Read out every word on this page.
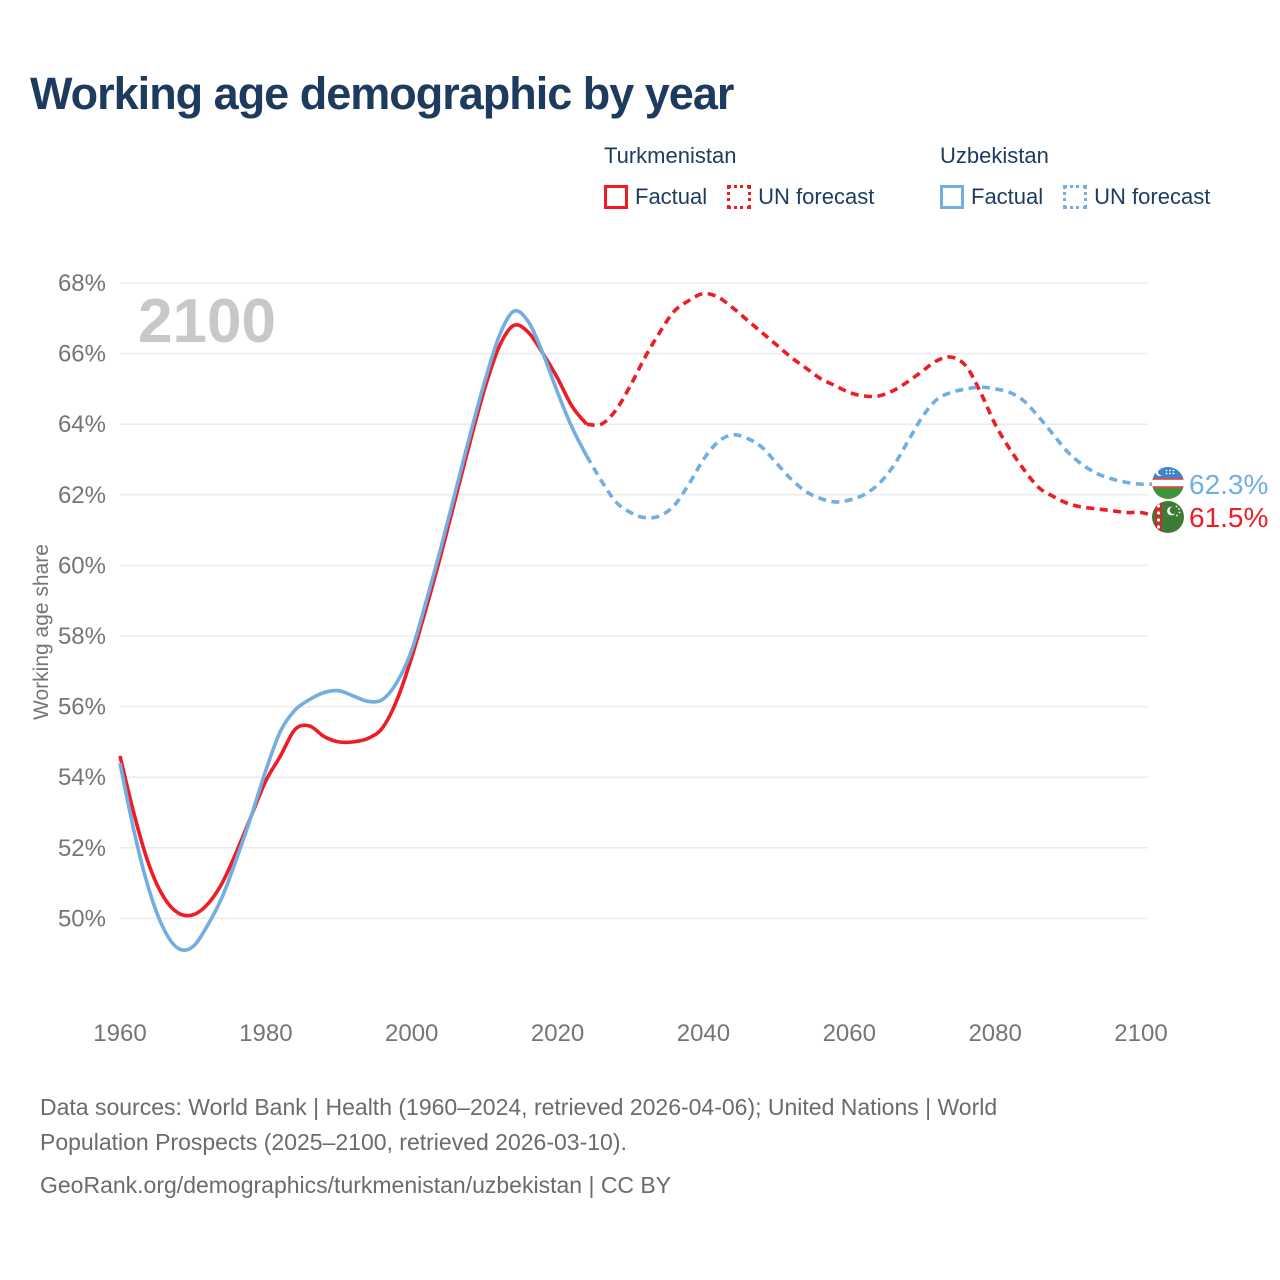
Working age demographic by year
Turkmenistan
Factual UN forecast
Uzbekistan
Factual UN forecast
50%
52%
54%
56%
58%
60%
62%
64%
66%
68%
1960	1980	2000	2020	2040	2060	2080	2100
2100
Working age share
62.3%
61.5%
Data sources: World Bank | Health (1960–2024, retrieved 2026-04-06); United Nations | World
Population Prospects (2025–2100, retrieved 2026-03-10).
GeoRank.org/demographics/turkmenistan/uzbekistan | CC BY
